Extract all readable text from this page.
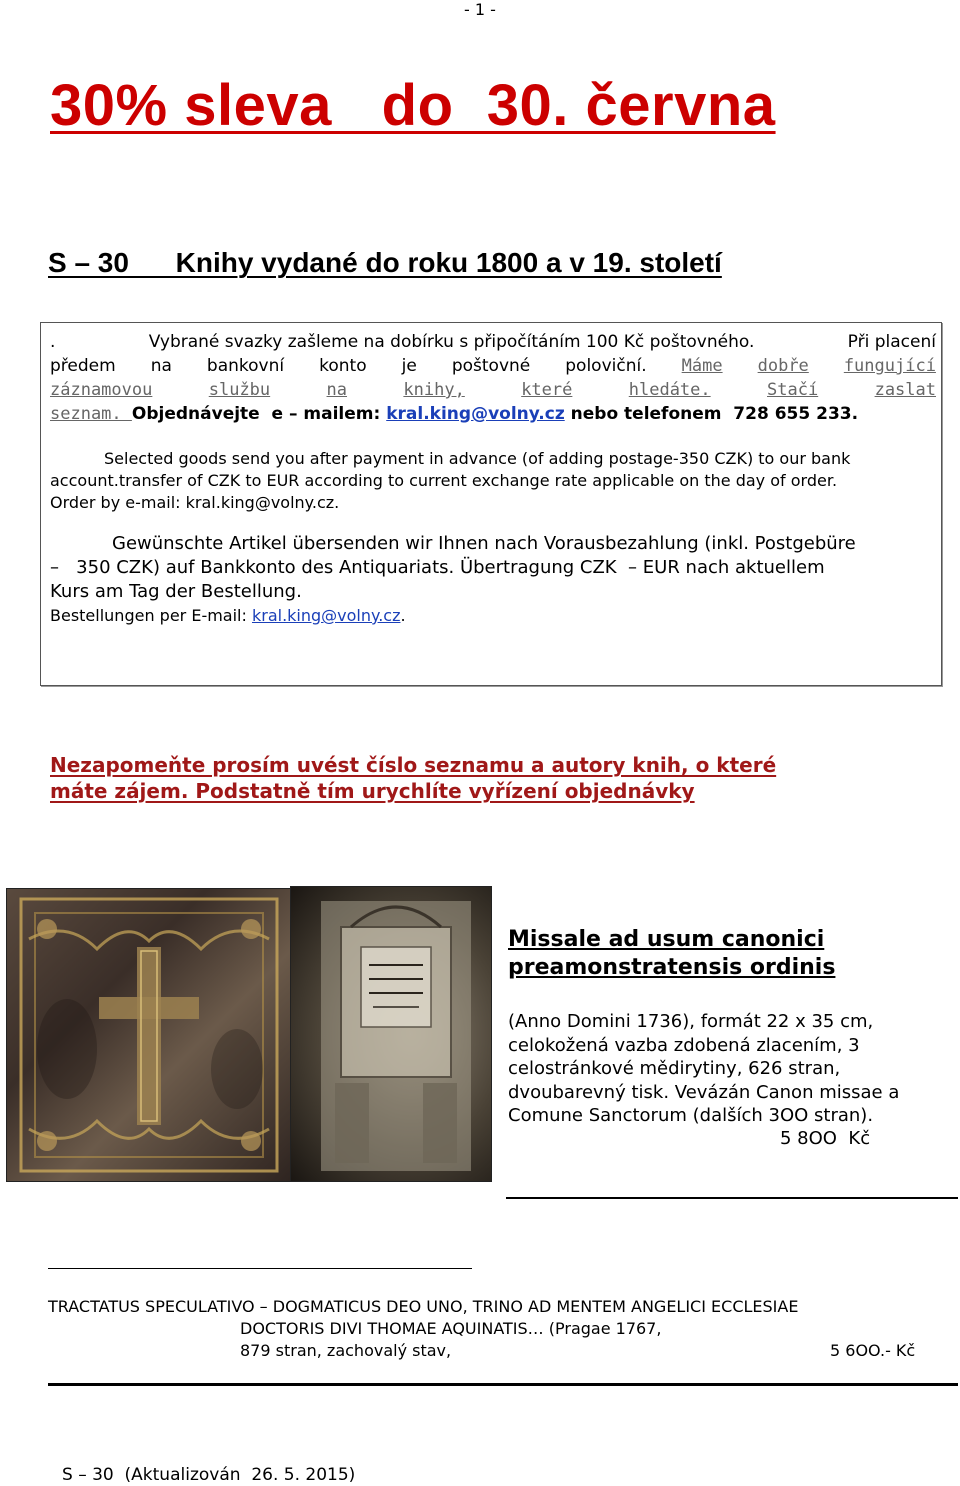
- 1 -
30% sleva   do  30. června
S – 30      Knihy vydané do roku 1800 a v 19. století
.	Vybrané svazky zašleme na dobírku s připočítáním 100 Kč poštovného.	Při placení
předem na bankovní konto je poštovné poloviční. Máme dobře fungující
záznamovou	službu	na	knihy,	které	hledáte.	Stačí	zaslat
seznam. Objednávejte  e – mailem: kral.king@volny.cz nebo telefonem  728 655 233.
Selected goods send you after payment in advance (of adding postage-350 CZK) to our bank
account.transfer of CZK to EUR according to current exchange rate applicable on the day of order.
Order by e-mail: kral.king@volny.cz.
Gewünschte Artikel übersenden wir Ihnen nach Vorausbezahlung (inkl. Postgebüre
–   350 CZK) auf Bankkonto des Antiquariats. Übertragung CZK  – EUR nach aktuellem
Kurs am Tag der Bestellung.
Bestellungen per E-mail: kral.king@volny.cz.
Nezapomeňte prosím uvést číslo seznamu a autory knih, o které
máte zájem. Podstatně tím urychlíte vyřízení objednávky
Missale ad usum canonici
preamonstratensis ordinis
(Anno Domini 1736), formát 22 x 35 cm, celokožená vazba zdobená zlacením, 3 celostránkové mědirytiny, 626 stran, dvoubarevný tisk. Vevázán Canon missae a Comune Sanctorum (dalších 3OO stran).
5 8OO  Kč
TRACTATUS SPECULATIVO – DOGMATICUS DEO UNO, TRINO AD MENTEM ANGELICI ECCLESIAE
DOCTORIS DIVI THOMAE AQUINATIS… (Pragae 1767,
879 stran, zachovalý stav,	5 6OO.- Kč
S – 30  (Aktualizován  26. 5. 2015)
